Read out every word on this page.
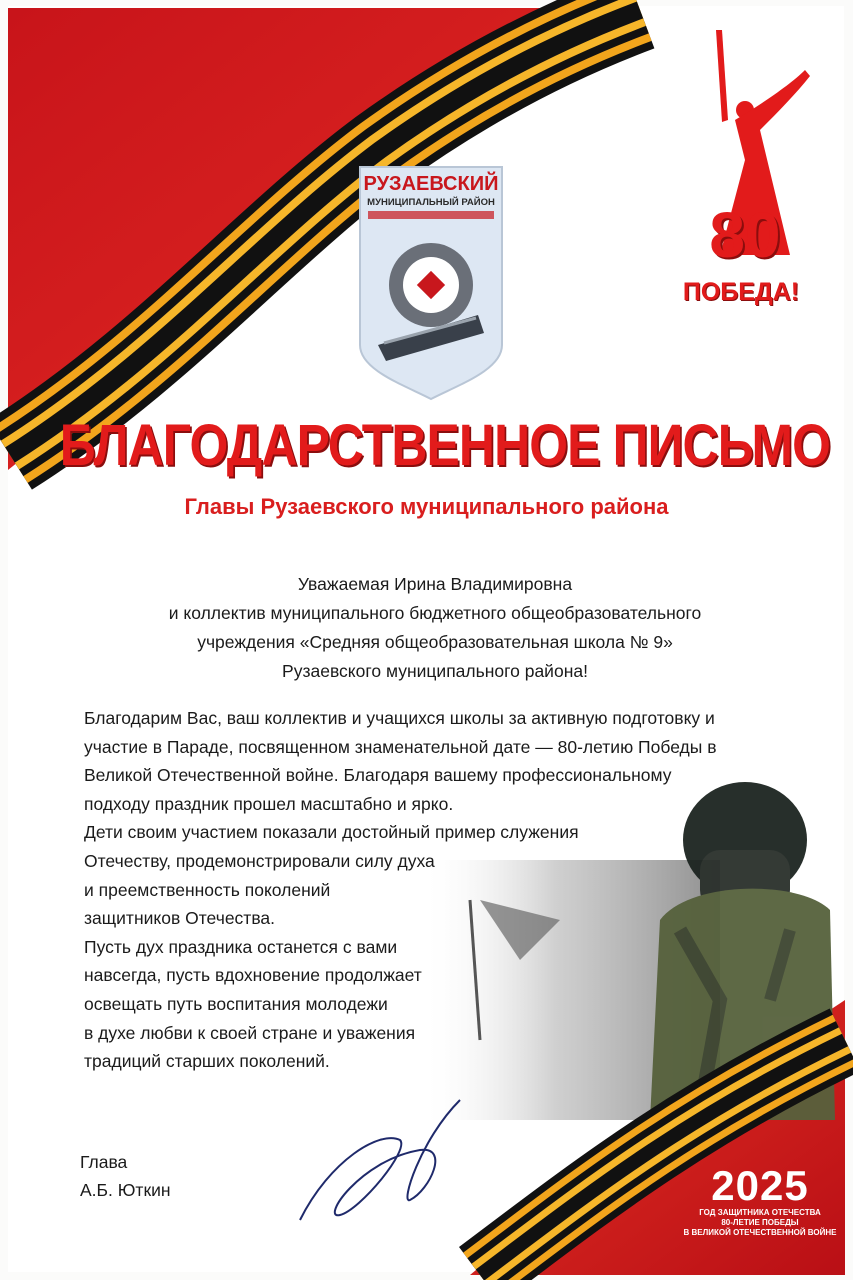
РУЗАЕВСКИЙ
МУНИЦИПАЛЬНЫЙ РАЙОН	80
ПОБЕДА!
БЛАГОДАРСТВЕННОЕ ПИСЬМО
Главы Рузаевского муниципального района
Уважаемая Ирина Владимировна
и коллектив муниципального бюджетного общеобразовательного
учреждения «Средняя общеобразовательная школа № 9»
Рузаевского муниципального района!

Благодарим Вас, ваш коллектив и учащихся школы за активную подготовку и

участие в Параде, посвященном знаменательной дате — 80-летию Победы в

Великой Отечественной войне. Благодаря вашему профессиональному

подходу праздник прошел масштабно и ярко.

Дети своим участием показали достойный пример служения

Отечеству, продемонстрировали силу духа

и преемственность поколений

защитников Отечества.

Пусть дух праздника останется с вами

навсегда, пусть вдохновение продолжает

освещать путь воспитания молодежи

в духе любви к своей стране и уважения

традиций старших поколений.

Глава
А.Б. Юткин	2025
ГОД ЗАЩИТНИКА ОТЕЧЕСТВА
80-ЛЕТИЕ ПОБЕДЫ
В ВЕЛИКОЙ ОТЕЧЕСТВЕННОЙ ВОЙНЕ
